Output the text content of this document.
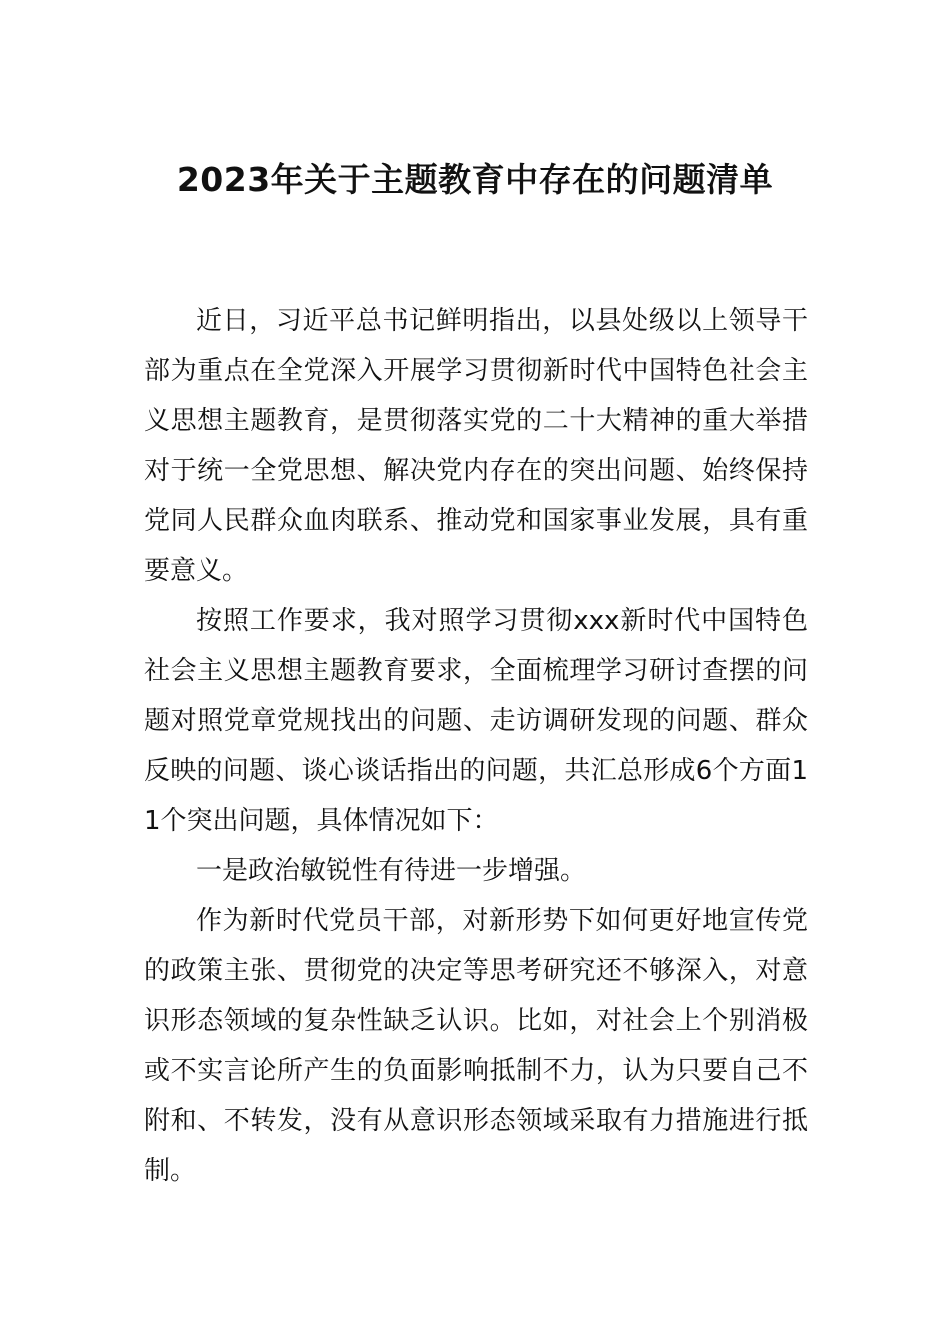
2023年关于主题教育中存在的问题清单

近日，习近平总书记鲜明指出，以县处级以上领导干部为重点在全党深入开展学习贯彻新时代中国特色社会主义思想主题教育，是贯彻落实党的二十大精神的重大举措对于统一全党思想、解决党内存在的突出问题、始终保持党同人民群众血肉联系、推动党和国家事业发展，具有重要意义。

按照工作要求，我对照学习贯彻xxx新时代中国特色社会主义思想主题教育要求，全面梳理学习研讨查摆的问题对照党章党规找出的问题、走访调研发现的问题、群众反映的问题、谈心谈话指出的问题，共汇总形成6个方面11个突出问题，具体情况如下：

一是政治敏锐性有待进一步增强。

作为新时代党员干部，对新形势下如何更好地宣传党的政策主张、贯彻党的决定等思考研究还不够深入，对意识形态领域的复杂性缺乏认识。比如，对社会上个别消极或不实言论所产生的负面影响抵制不力，认为只要自己不附和、不转发，没有从意识形态领域采取有力措施进行抵制。
